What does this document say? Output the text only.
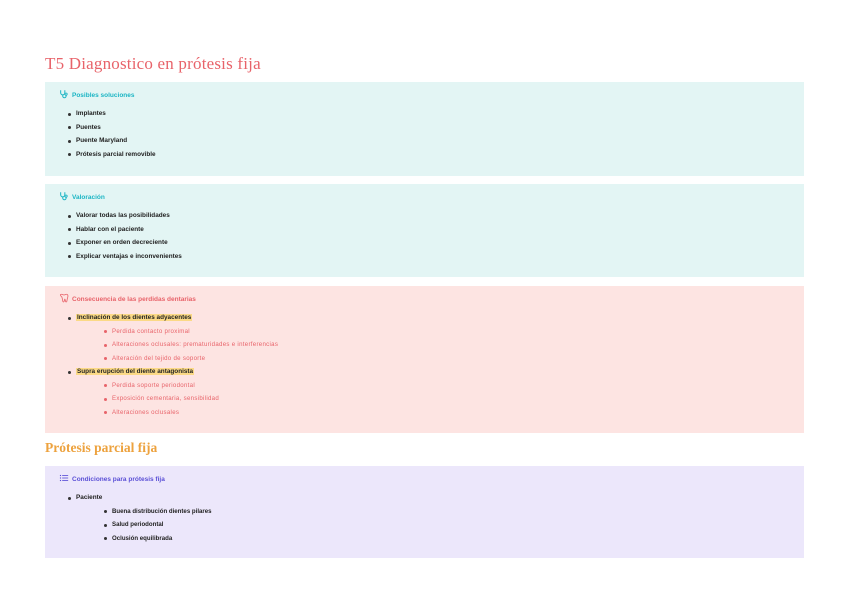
T5 Diagnostico en prótesis fija
Posibles soluciones
Implantes
Puentes
Puente Maryland
Prótesis parcial removible
Valoración
Valorar todas las posibilidades
Hablar con el paciente
Exponer en orden decreciente
Explicar ventajas e inconvenientes
Consecuencia de las perdidas dentarias
Inclinación de los dientes adyacentes
Perdida contacto proximal
Alteraciones oclusales: prematuridades e interferencias
Alteración del tejido de soporte
Supra erupción del diente antagonista
Perdida soporte periodontal
Exposición cementaria, sensibilidad
Alteraciones oclusales
Prótesis parcial fija
Condiciones para prótesis fija
Paciente
Buena distribución dientes pilares
Salud periodontal
Oclusión equilibrada
